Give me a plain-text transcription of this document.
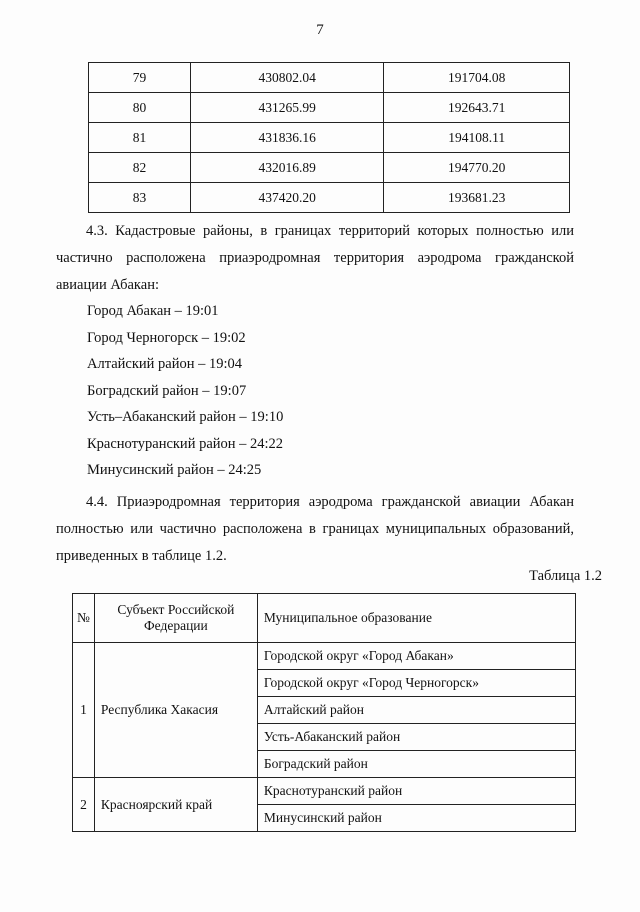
7
79	430802.04	191704.08
80	431265.99	192643.71
81	431836.16	194108.11
82	432016.89	194770.20
83	437420.20	193681.23
4.3. Кадастровые районы, в границах территорий которых полностью или частично расположена приаэродромная территория аэродрома гражданской авиации Абакан:
Город Абакан – 19:01
Город Черногорск – 19:02
Алтайский район – 19:04
Боградский район – 19:07
Усть–Абаканский район – 19:10
Краснотуранский район – 24:22
Минусинский район – 24:25
4.4. Приаэродромная территория аэродрома гражданской авиации Абакан полностью или частично расположена в границах муниципальных образований, приведенных в таблице 1.2.
Таблица 1.2
№	Субъект Российской Федерации	Муниципальное образование
1	Республика Хакасия	Городской округ «Город Абакан»
		Городской округ «Город Черногорск»
		Алтайский район
		Усть-Абаканский район
		Боградский район
2	Красноярский край	Краснотуранский район
		Минусинский район
